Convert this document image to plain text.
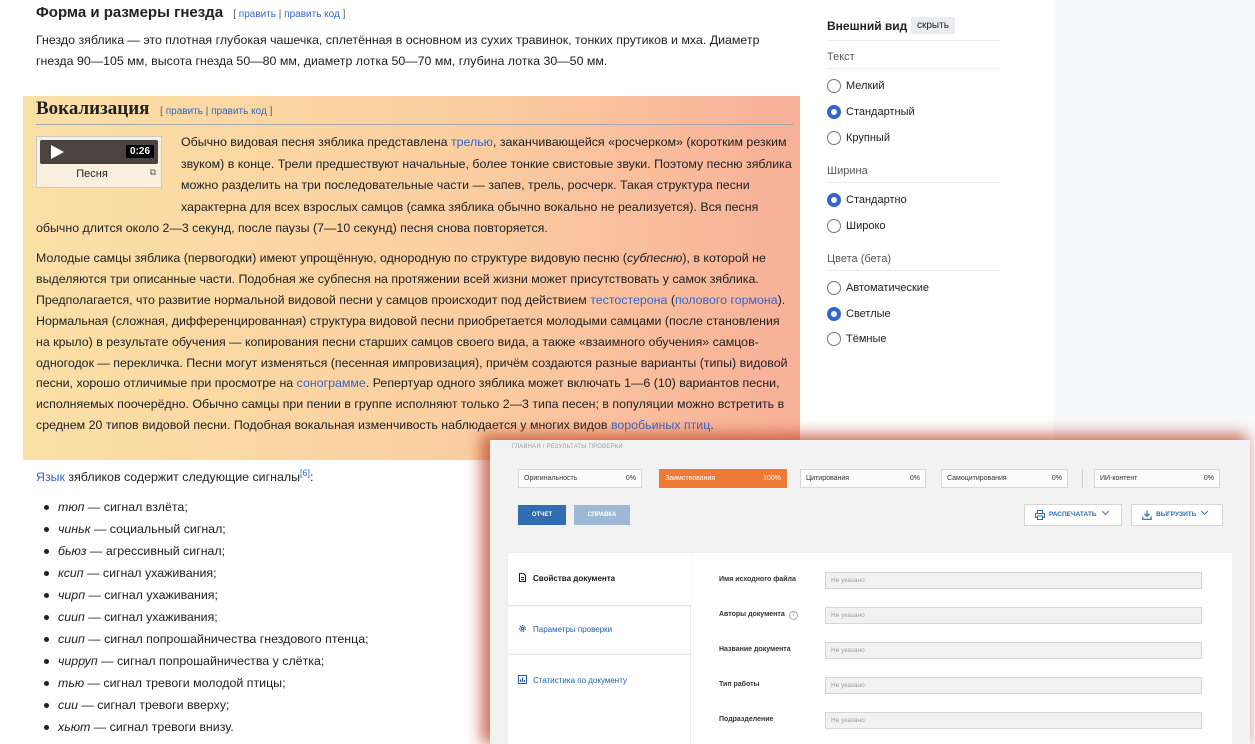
Форма и размеры гнезда [ править | править код ]

Гнездо зяблика — это плотная глубокая чашечка, сплетённая в основном из сухих травинок, тонких прутиков и мха. Диаметр гнезда 90—105 мм, высота гнезда 50—80 мм, диаметр лотка 50—70 мм, глубина лотка 30—50 мм.

Вокализация [ править | править код ]

Обычно видовая песня зяблика представлена трелью, заканчивающейся «росчерком» (коротким резким звуком) в конце. Трели предшествуют начальные, более тонкие свистовые звуки. Поэтому песню зяблика можно разделить на три последовательные части — запев, трель, росчерк. Такая структура песни характерна для всех взрослых самцов (самка зяблика обычно вокально не реализуется). Вся песня обычно длится около 2—3 секунд, после паузы (7—10 секунд) песня снова повторяется.

0:26
Песня	⧉

Молодые самцы зяблика (первогодки) имеют упрощённую, однородную по структуре видовую песню (субпесню), в которой не выделяются три описанные части. Подобная же субпесня на протяжении всей жизни может присутствовать у самок зяблика. Предполагается, что развитие нормальной видовой песни у самцов происходит под действием тестостерона (полового гормона). Нормальная (сложная, дифференцированная) структура видовой песни приобретается молодыми самцами (после становления на крыло) в результате обучения — копирования песни старших самцов своего вида, а также «взаимного обучения» самцов-одногодок — перекличка. Песни могут изменяться (песенная импровизация), причём создаются разные варианты (типы) видовой песни, хорошо отличимые при просмотре на сонограмме. Репертуар одного зяблика может включать 1—6 (10) вариантов песни, исполняемых поочерёдно. Обычно самцы при пении в группе исполняют только 2—3 типа песен; в популяции можно встретить в среднем 20 типов видовой песни. Подобная вокальная изменчивость наблюдается у многих видов воробьиных птиц.

Язык зябликов содержит следующие сигналы[6]:

тюп — сигнал взлёта;
чиньк — социальный сигнал;
бьюз — агрессивный сигнал;
ксип — сигнал ухаживания;
чирп — сигнал ухаживания;
сиип — сигнал ухаживания;
сиип — сигнал попрошайничества гнездового птенца;
чирруп — сигнал попрошайничества у слётка;
тью — сигнал тревоги молодой птицы;
сии — сигнал тревоги вверху;
хьют — сигнал тревоги внизу.
Внешний вид скрыть
Текст
Мелкий
Стандартный
Крупный
Ширина
Стандартно
Широко
Цвета (бета)
Автоматические
Светлые
Тёмные
ГЛАВНАЯ / РЕЗУЛЬТАТЫ ПРОВЕРКИ
Оригинальность	0%	Заимствования	100%	Цитирования	0%	Самоцитирования	0%	ИИ-контент	0%
ОТЧЕТ	СПРАВКА	РАСПЕЧАТАТЬ	ВЫГРУЗИТЬ
Свойства документа
Параметры проверки
Статистика по документу
Имя исходного файла	Не указано
Авторы документа ?	Не указано
Название документа	Не указано
Тип работы	Не указано
Подразделение	Не указано
